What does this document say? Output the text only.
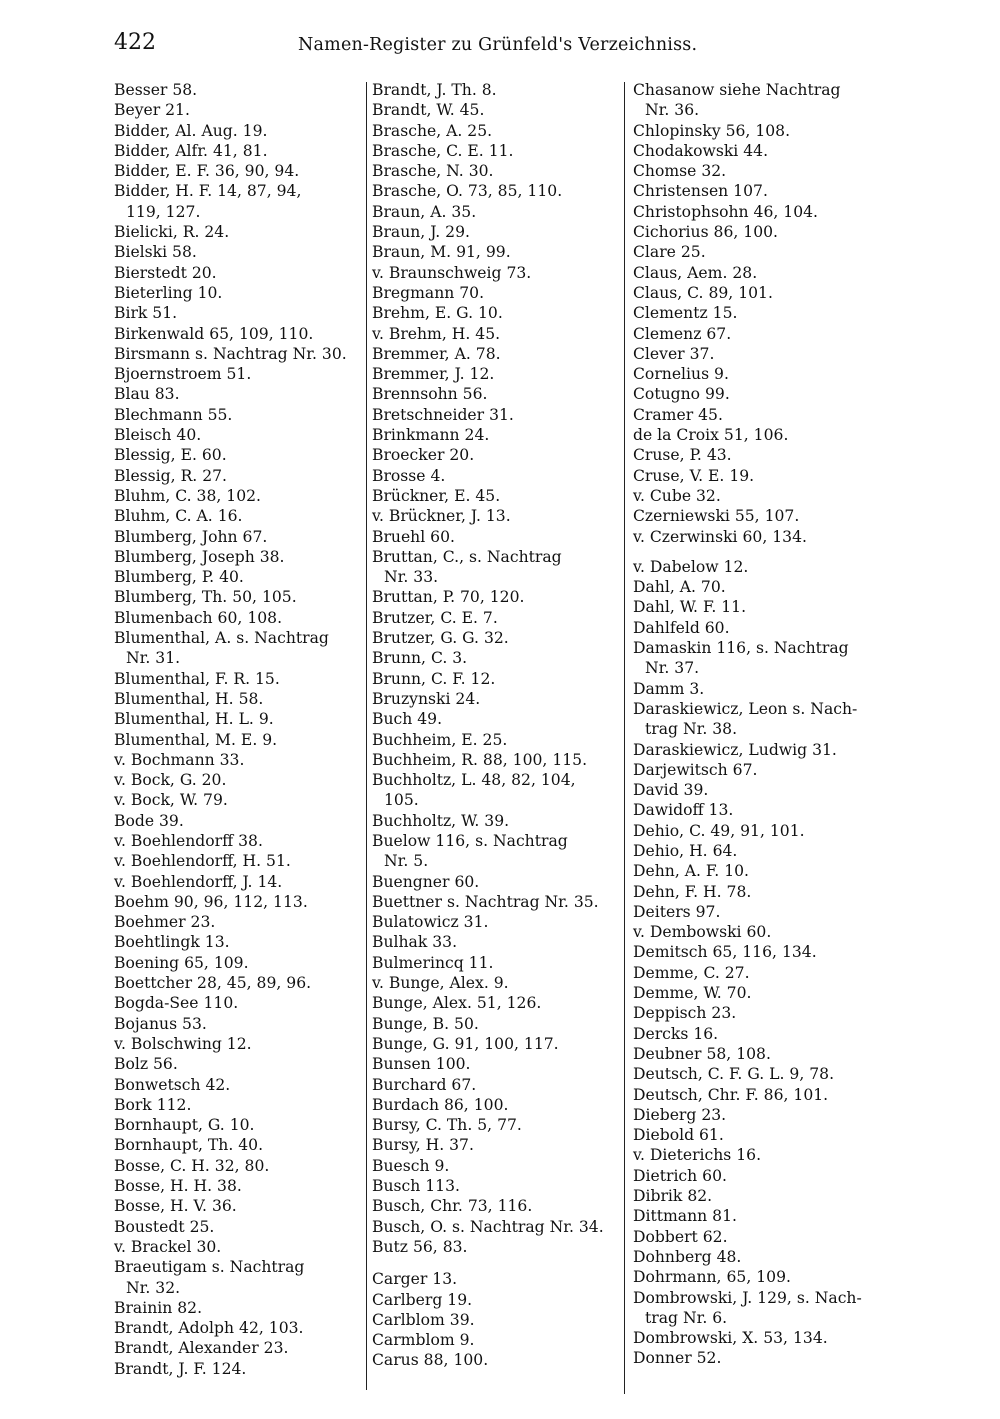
422	Namen-Register zu Grünfeld's Verzeichniss.

Besser 58.

Beyer 21.

Bidder, Al. Aug. 19.

Bidder, Alfr. 41, 81.

Bidder, E. F. 36, 90, 94.

Bidder, H. F. 14, 87, 94,
119, 127.

Bielicki, R. 24.

Bielski 58.

Bierstedt 20.

Bieterling 10.

Birk 51.

Birkenwald 65, 109, 110.

Birsmann s. Nachtrag Nr. 30.

Bjoernstroem 51.

Blau 83.

Blechmann 55.

Bleisch 40.

Blessig, E. 60.

Blessig, R. 27.

Bluhm, C. 38, 102.

Bluhm, C. A. 16.

Blumberg, John 67.

Blumberg, Joseph 38.

Blumberg, P. 40.

Blumberg, Th. 50, 105.

Blumenbach 60, 108.

Blumenthal, A. s. Nachtrag
Nr. 31.

Blumenthal, F. R. 15.

Blumenthal, H. 58.

Blumenthal, H. L. 9.

Blumenthal, M. E. 9.

v. Bochmann 33.

v. Bock, G. 20.

v. Bock, W. 79.

Bode 39.

v. Boehlendorff 38.

v. Boehlendorff, H. 51.

v. Boehlendorff, J. 14.

Boehm 90, 96, 112, 113.

Boehmer 23.

Boehtlingk 13.

Boening 65, 109.

Boettcher 28, 45, 89, 96.

Bogda-See 110.

Bojanus 53.

v. Bolschwing 12.

Bolz 56.

Bonwetsch 42.

Bork 112.

Bornhaupt, G. 10.

Bornhaupt, Th. 40.

Bosse, C. H. 32, 80.

Bosse, H. H. 38.

Bosse, H. V. 36.

Boustedt 25.

v. Brackel 30.

Braeutigam s. Nachtrag
Nr. 32.

Brainin 82.

Brandt, Adolph 42, 103.

Brandt, Alexander 23.

Brandt, J. F. 124.

Brandt, J. Th. 8.

Brandt, W. 45.

Brasche, A. 25.

Brasche, C. E. 11.

Brasche, N. 30.

Brasche, O. 73, 85, 110.

Braun, A. 35.

Braun, J. 29.

Braun, M. 91, 99.

v. Braunschweig 73.

Bregmann 70.

Brehm, E. G. 10.

v. Brehm, H. 45.

Bremmer, A. 78.

Bremmer, J. 12.

Brennsohn 56.

Bretschneider 31.

Brinkmann 24.

Broecker 20.

Brosse 4.

Brückner, E. 45.

v. Brückner, J. 13.

Bruehl 60.

Bruttan, C., s. Nachtrag
Nr. 33.

Bruttan, P. 70, 120.

Brutzer, C. E. 7.

Brutzer, G. G. 32.

Brunn, C. 3.

Brunn, C. F. 12.

Bruzynski 24.

Buch 49.

Buchheim, E. 25.

Buchheim, R. 88, 100, 115.

Buchholtz, L. 48, 82, 104,
105.

Buchholtz, W. 39.

Buelow 116, s. Nachtrag
Nr. 5.

Buengner 60.

Buettner s. Nachtrag Nr. 35.

Bulatowicz 31.

Bulhak 33.

Bulmerincq 11.

v. Bunge, Alex. 9.

Bunge, Alex. 51, 126.

Bunge, B. 50.

Bunge, G. 91, 100, 117.

Bunsen 100.

Burchard 67.

Burdach 86, 100.

Bursy, C. Th. 5, 77.

Bursy, H. 37.

Buesch 9.

Busch 113.

Busch, Chr. 73, 116.

Busch, O. s. Nachtrag Nr. 34.

Butz 56, 83.

Carger 13.

Carlberg 19.

Carlblom 39.

Carmblom 9.

Carus 88, 100.

Chasanow siehe Nachtrag
Nr. 36.

Chlopinsky 56, 108.

Chodakowski 44.

Chomse 32.

Christensen 107.

Christophsohn 46, 104.

Cichorius 86, 100.

Clare 25.

Claus, Aem. 28.

Claus, C. 89, 101.

Clementz 15.

Clemenz 67.

Clever 37.

Cornelius 9.

Cotugno 99.

Cramer 45.

de la Croix 51, 106.

Cruse, P. 43.

Cruse, V. E. 19.

v. Cube 32.

Czerniewski 55, 107.

v. Czerwinski 60, 134.

v. Dabelow 12.

Dahl, A. 70.

Dahl, W. F. 11.

Dahlfeld 60.

Damaskin 116, s. Nachtrag
Nr. 37.

Damm 3.

Daraskiewicz, Leon s. Nach-
trag Nr. 38.

Daraskiewicz, Ludwig 31.

Darjewitsch 67.

David 39.

Dawidoff 13.

Dehio, C. 49, 91, 101.

Dehio, H. 64.

Dehn, A. F. 10.

Dehn, F. H. 78.

Deiters 97.

v. Dembowski 60.

Demitsch 65, 116, 134.

Demme, C. 27.

Demme, W. 70.

Deppisch 23.

Dercks 16.

Deubner 58, 108.

Deutsch, C. F. G. L. 9, 78.

Deutsch, Chr. F. 86, 101.

Dieberg 23.

Diebold 61.

v. Dieterichs 16.

Dietrich 60.

Dibrik 82.

Dittmann 81.

Dobbert 62.

Dohnberg 48.

Dohrmann, 65, 109.

Dombrowski, J. 129, s. Nach-
trag Nr. 6.

Dombrowski, X. 53, 134.

Donner 52.
